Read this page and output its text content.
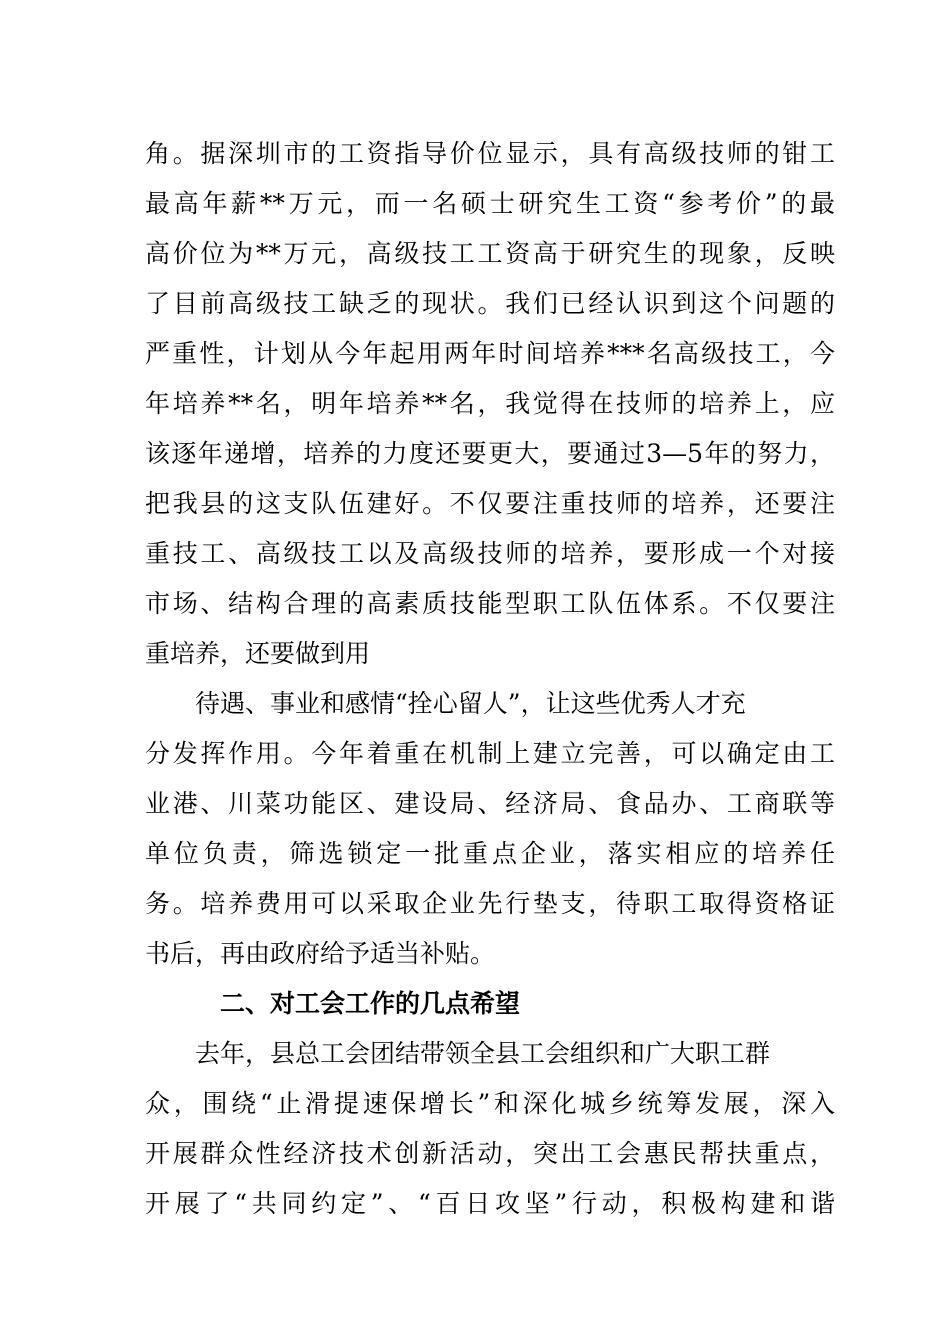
角。据深圳市的工资指导价位显示，具有高级技师的钳工
最高年薪**万元，而一名硕士研究生工资“参考价”的最
高价位为**万元，高级技工工资高于研究生的现象，反映
了目前高级技工缺乏的现状。我们已经认识到这个问题的
严重性，计划从今年起用两年时间培养***名高级技工，今
年培养**名，明年培养**名，我觉得在技师的培养上，应
该逐年递增，培养的力度还要更大，要通过3—5年的努力，
把我县的这支队伍建好。不仅要注重技师的培养，还要注
重技工、高级技工以及高级技师的培养，要形成一个对接
市场、结构合理的高素质技能型职工队伍体系。不仅要注
重培养，还要做到用
待遇、事业和感情“拴心留人”，让这些优秀人才充
分发挥作用。今年着重在机制上建立完善，可以确定由工
业港、川菜功能区、建设局、经济局、食品办、工商联等
单位负责，筛选锁定一批重点企业，落实相应的培养任
务。培养费用可以采取企业先行垫支，待职工取得资格证
书后，再由政府给予适当补贴。
二、对工会工作的几点希望
去年，县总工会团结带领全县工会组织和广大职工群
众，围绕“止滑提速保增长”和深化城乡统筹发展，深入
开展群众性经济技术创新活动，突出工会惠民帮扶重点，
开展了“共同约定”、“百日攻坚”行动，积极构建和谐
